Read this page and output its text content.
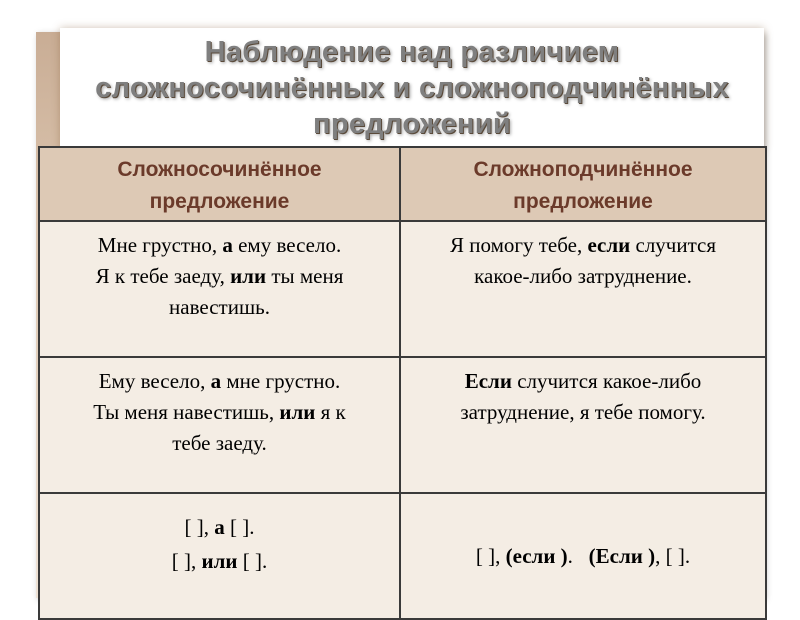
Наблюдение над различием
сложносочинённых и сложноподчинённых
предложений
Сложносочинённое
предложение	Сложноподчинённое
предложение

Мне грустно, а ему весело.
Я к тебе заеду, или ты меня
навестишь.	Я помогу тебе, если случится
какое-либо затруднение.

Ему весело, а мне грустно.
Ты меня навестишь, или я к
тебе заеду.	Если случится какое-либо
затруднение, я тебе помогу.

[ ], а [ ].
[ ], или [ ].	[ ], (если ).   (Если ), [ ].
